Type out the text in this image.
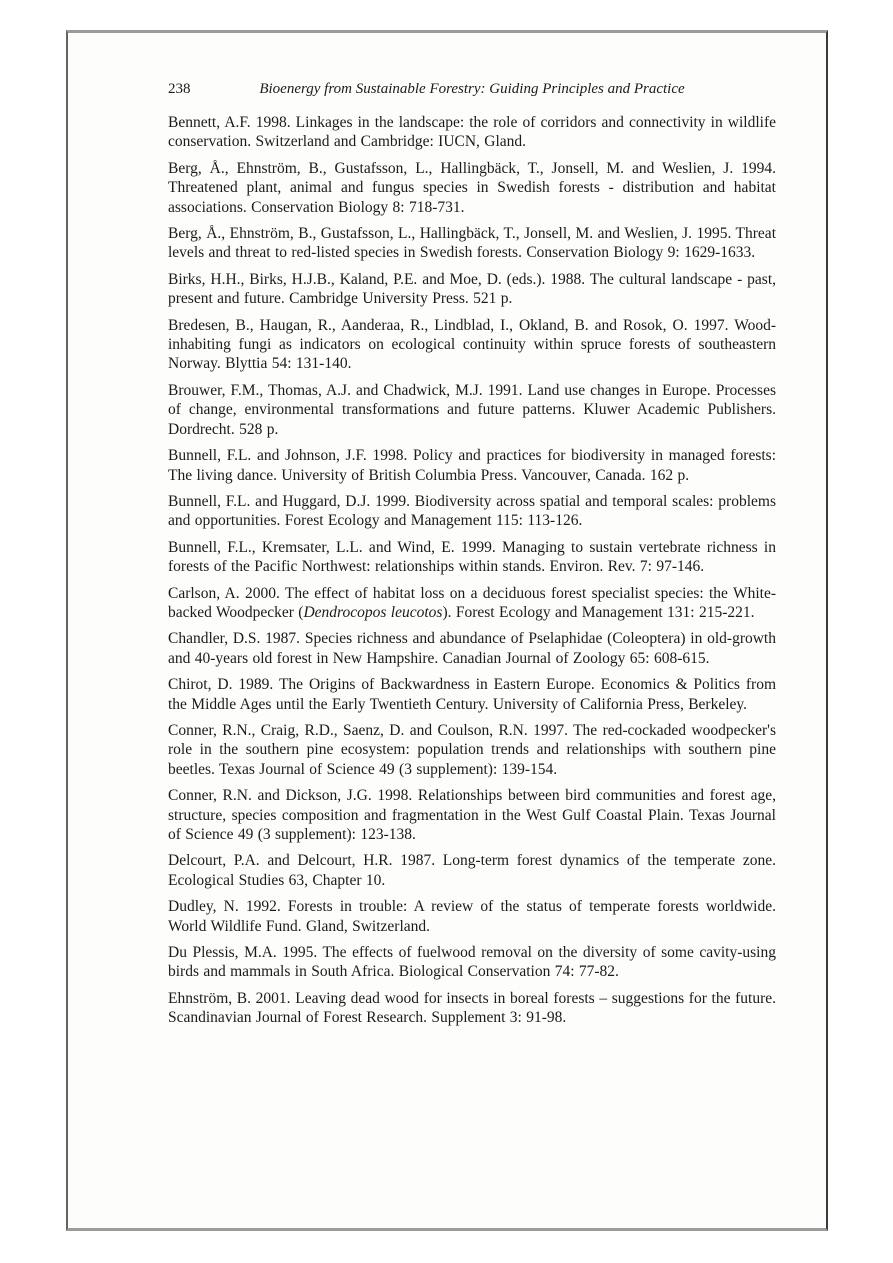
238	Bioenergy from Sustainable Forestry: Guiding Principles and Practice

Bennett, A.F. 1998. Linkages in the landscape: the role of corridors and connectivity in wildlife conservation. Switzerland and Cambridge: IUCN, Gland.

Berg, Å., Ehnström, B., Gustafsson, L., Hallingbäck, T., Jonsell, M. and Weslien, J. 1994. Threatened plant, animal and fungus species in Swedish forests - distribution and habitat associations. Conservation Biology 8: 718-731.

Berg, Å., Ehnström, B., Gustafsson, L., Hallingbäck, T., Jonsell, M. and Weslien, J. 1995. Threat levels and threat to red-listed species in Swedish forests. Conservation Biology 9: 1629-1633.

Birks, H.H., Birks, H.J.B., Kaland, P.E. and Moe, D. (eds.). 1988. The cultural landscape - past, present and future. Cambridge University Press. 521 p.

Bredesen, B., Haugan, R., Aanderaa, R., Lindblad, I., Okland, B. and Rosok, O. 1997. Wood-inhabiting fungi as indicators on ecological continuity within spruce forests of southeastern Norway. Blyttia 54: 131-140.

Brouwer, F.M., Thomas, A.J. and Chadwick, M.J. 1991. Land use changes in Europe. Processes of change, environmental transformations and future patterns. Kluwer Academic Publishers. Dordrecht. 528 p.

Bunnell, F.L. and Johnson, J.F. 1998. Policy and practices for biodiversity in managed forests: The living dance. University of British Columbia Press. Vancouver, Canada. 162 p.

Bunnell, F.L. and Huggard, D.J. 1999. Biodiversity across spatial and temporal scales: problems and opportunities. Forest Ecology and Management 115: 113-126.

Bunnell, F.L., Kremsater, L.L. and Wind, E. 1999. Managing to sustain vertebrate richness in forests of the Pacific Northwest: relationships within stands. Environ. Rev. 7: 97-146.

Carlson, A. 2000. The effect of habitat loss on a deciduous forest specialist species: the White-backed Woodpecker (Dendrocopos leucotos). Forest Ecology and Management 131: 215-221.

Chandler, D.S. 1987. Species richness and abundance of Pselaphidae (Coleoptera) in old-growth and 40-years old forest in New Hampshire. Canadian Journal of Zoology 65: 608-615.

Chirot, D. 1989. The Origins of Backwardness in Eastern Europe. Economics & Politics from the Middle Ages until the Early Twentieth Century. University of California Press, Berkeley.

Conner, R.N., Craig, R.D., Saenz, D. and Coulson, R.N. 1997. The red-cockaded woodpecker's role in the southern pine ecosystem: population trends and relationships with southern pine beetles. Texas Journal of Science 49 (3 supplement): 139-154.

Conner, R.N. and Dickson, J.G. 1998. Relationships between bird communities and forest age, structure, species composition and fragmentation in the West Gulf Coastal Plain. Texas Journal of Science 49 (3 supplement): 123-138.

Delcourt, P.A. and Delcourt, H.R. 1987. Long-term forest dynamics of the temperate zone. Ecological Studies 63, Chapter 10.

Dudley, N. 1992. Forests in trouble: A review of the status of temperate forests worldwide. World Wildlife Fund. Gland, Switzerland.

Du Plessis, M.A. 1995. The effects of fuelwood removal on the diversity of some cavity-using birds and mammals in South Africa. Biological Conservation 74: 77-82.

Ehnström, B. 2001. Leaving dead wood for insects in boreal forests – suggestions for the future. Scandinavian Journal of Forest Research. Supplement 3: 91-98.
